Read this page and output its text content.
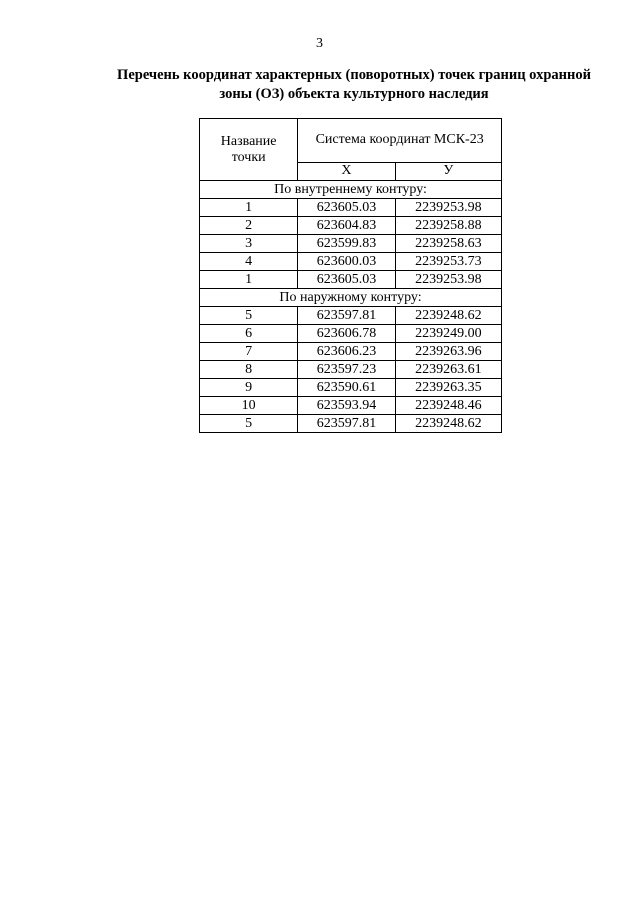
3
Перечень координат характерных (поворотных) точек границ охранной
зоны (ОЗ) объекта культурного наследия
Название
точки	Система координат МСК-23	
	Х	У
По внутреннему контуру:		
1	623605.03	2239253.98
2	623604.83	2239258.88
3	623599.83	2239258.63
4	623600.03	2239253.73
1	623605.03	2239253.98
По наружному контуру:		
5	623597.81	2239248.62
6	623606.78	2239249.00
7	623606.23	2239263.96
8	623597.23	2239263.61
9	623590.61	2239263.35
10	623593.94	2239248.46
5	623597.81	2239248.62
